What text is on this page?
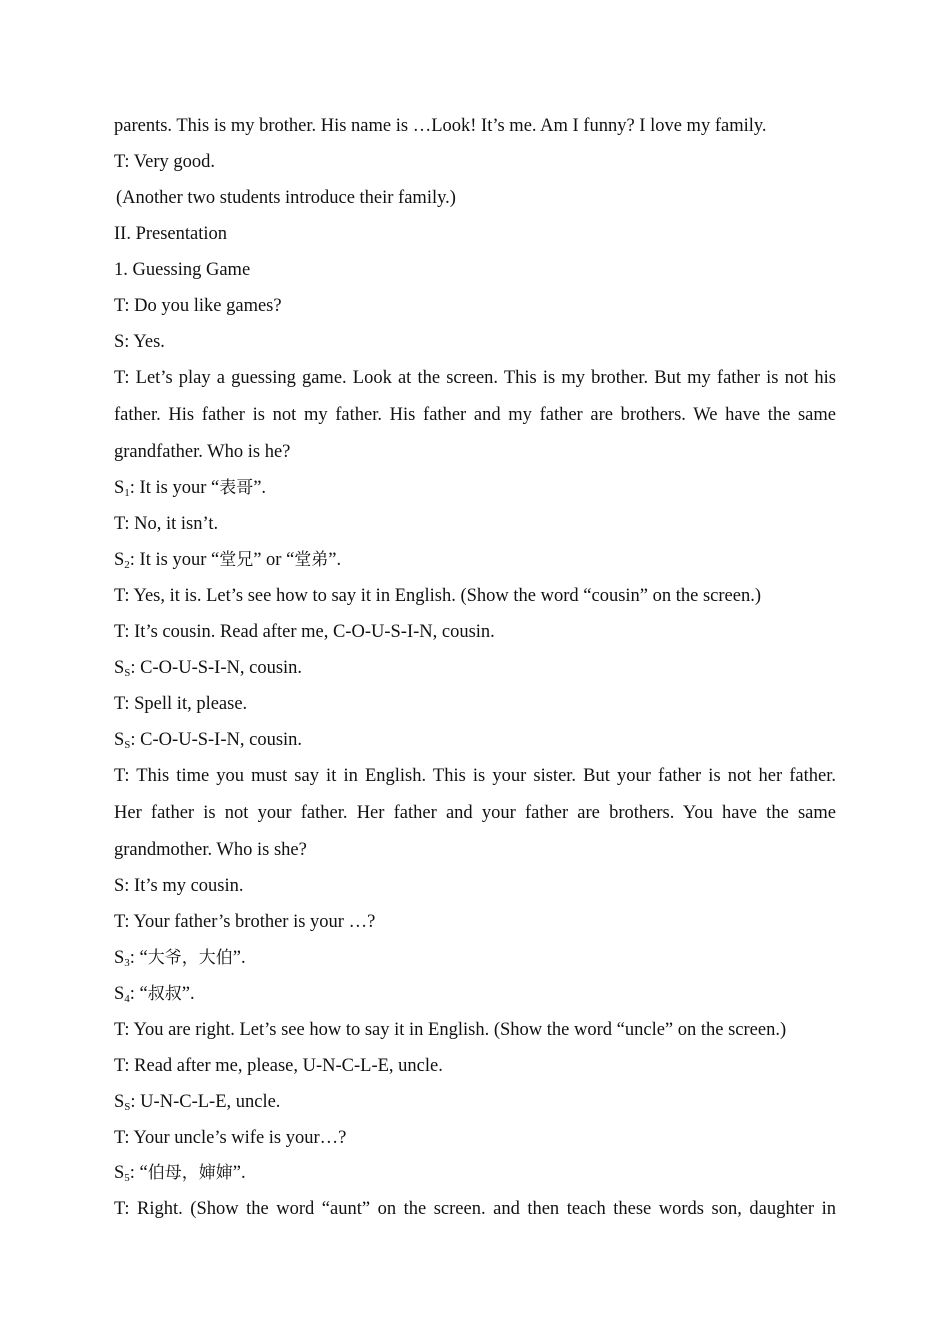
parents. This is my brother. His name is …Look! It’s me. Am I funny? I love my family.
T: Very good.
(Another two students introduce their family.)
II. Presentation
1. Guessing Game
T: Do you like games?
S: Yes.
T: Let’s play a guessing game. Look at the screen. This is my brother. But my father is not his
father. His father is not my father. His father and my father are brothers. We have the same
grandfather. Who is he?
$S_1$: It is your “表哥”.
T: No, it isn’t.
$S_2$: It is your “堂兄” or “堂弟”.
T: Yes, it is. Let’s see how to say it in English. (Show the word “cousin” on the screen.)
T: It’s cousin. Read after me, C-O-U-S-I-N, cousin.
$S_S$: C-O-U-S-I-N, cousin.
T: Spell it, please.
$S_S$: C-O-U-S-I-N, cousin.
T: This time you must say it in English. This is your sister. But your father is not her father.
Her father is not your father. Her father and your father are brothers. You have the same
grandmother. Who is she?
S: It’s my cousin.
T: Your father’s brother is your …?
$S_3$: “大爷，大伯”.
$S_4$: “叔叔”.
T: You are right. Let’s see how to say it in English. (Show the word “uncle” on the screen.)
T: Read after me, please, U-N-C-L-E, uncle.
$S_S$: U-N-C-L-E, uncle.
T: Your uncle’s wife is your…?
$S_5$: “伯母，婶婶”.
T: Right. (Show the word “aunt” on the screen. and then teach these words son, daughter in
